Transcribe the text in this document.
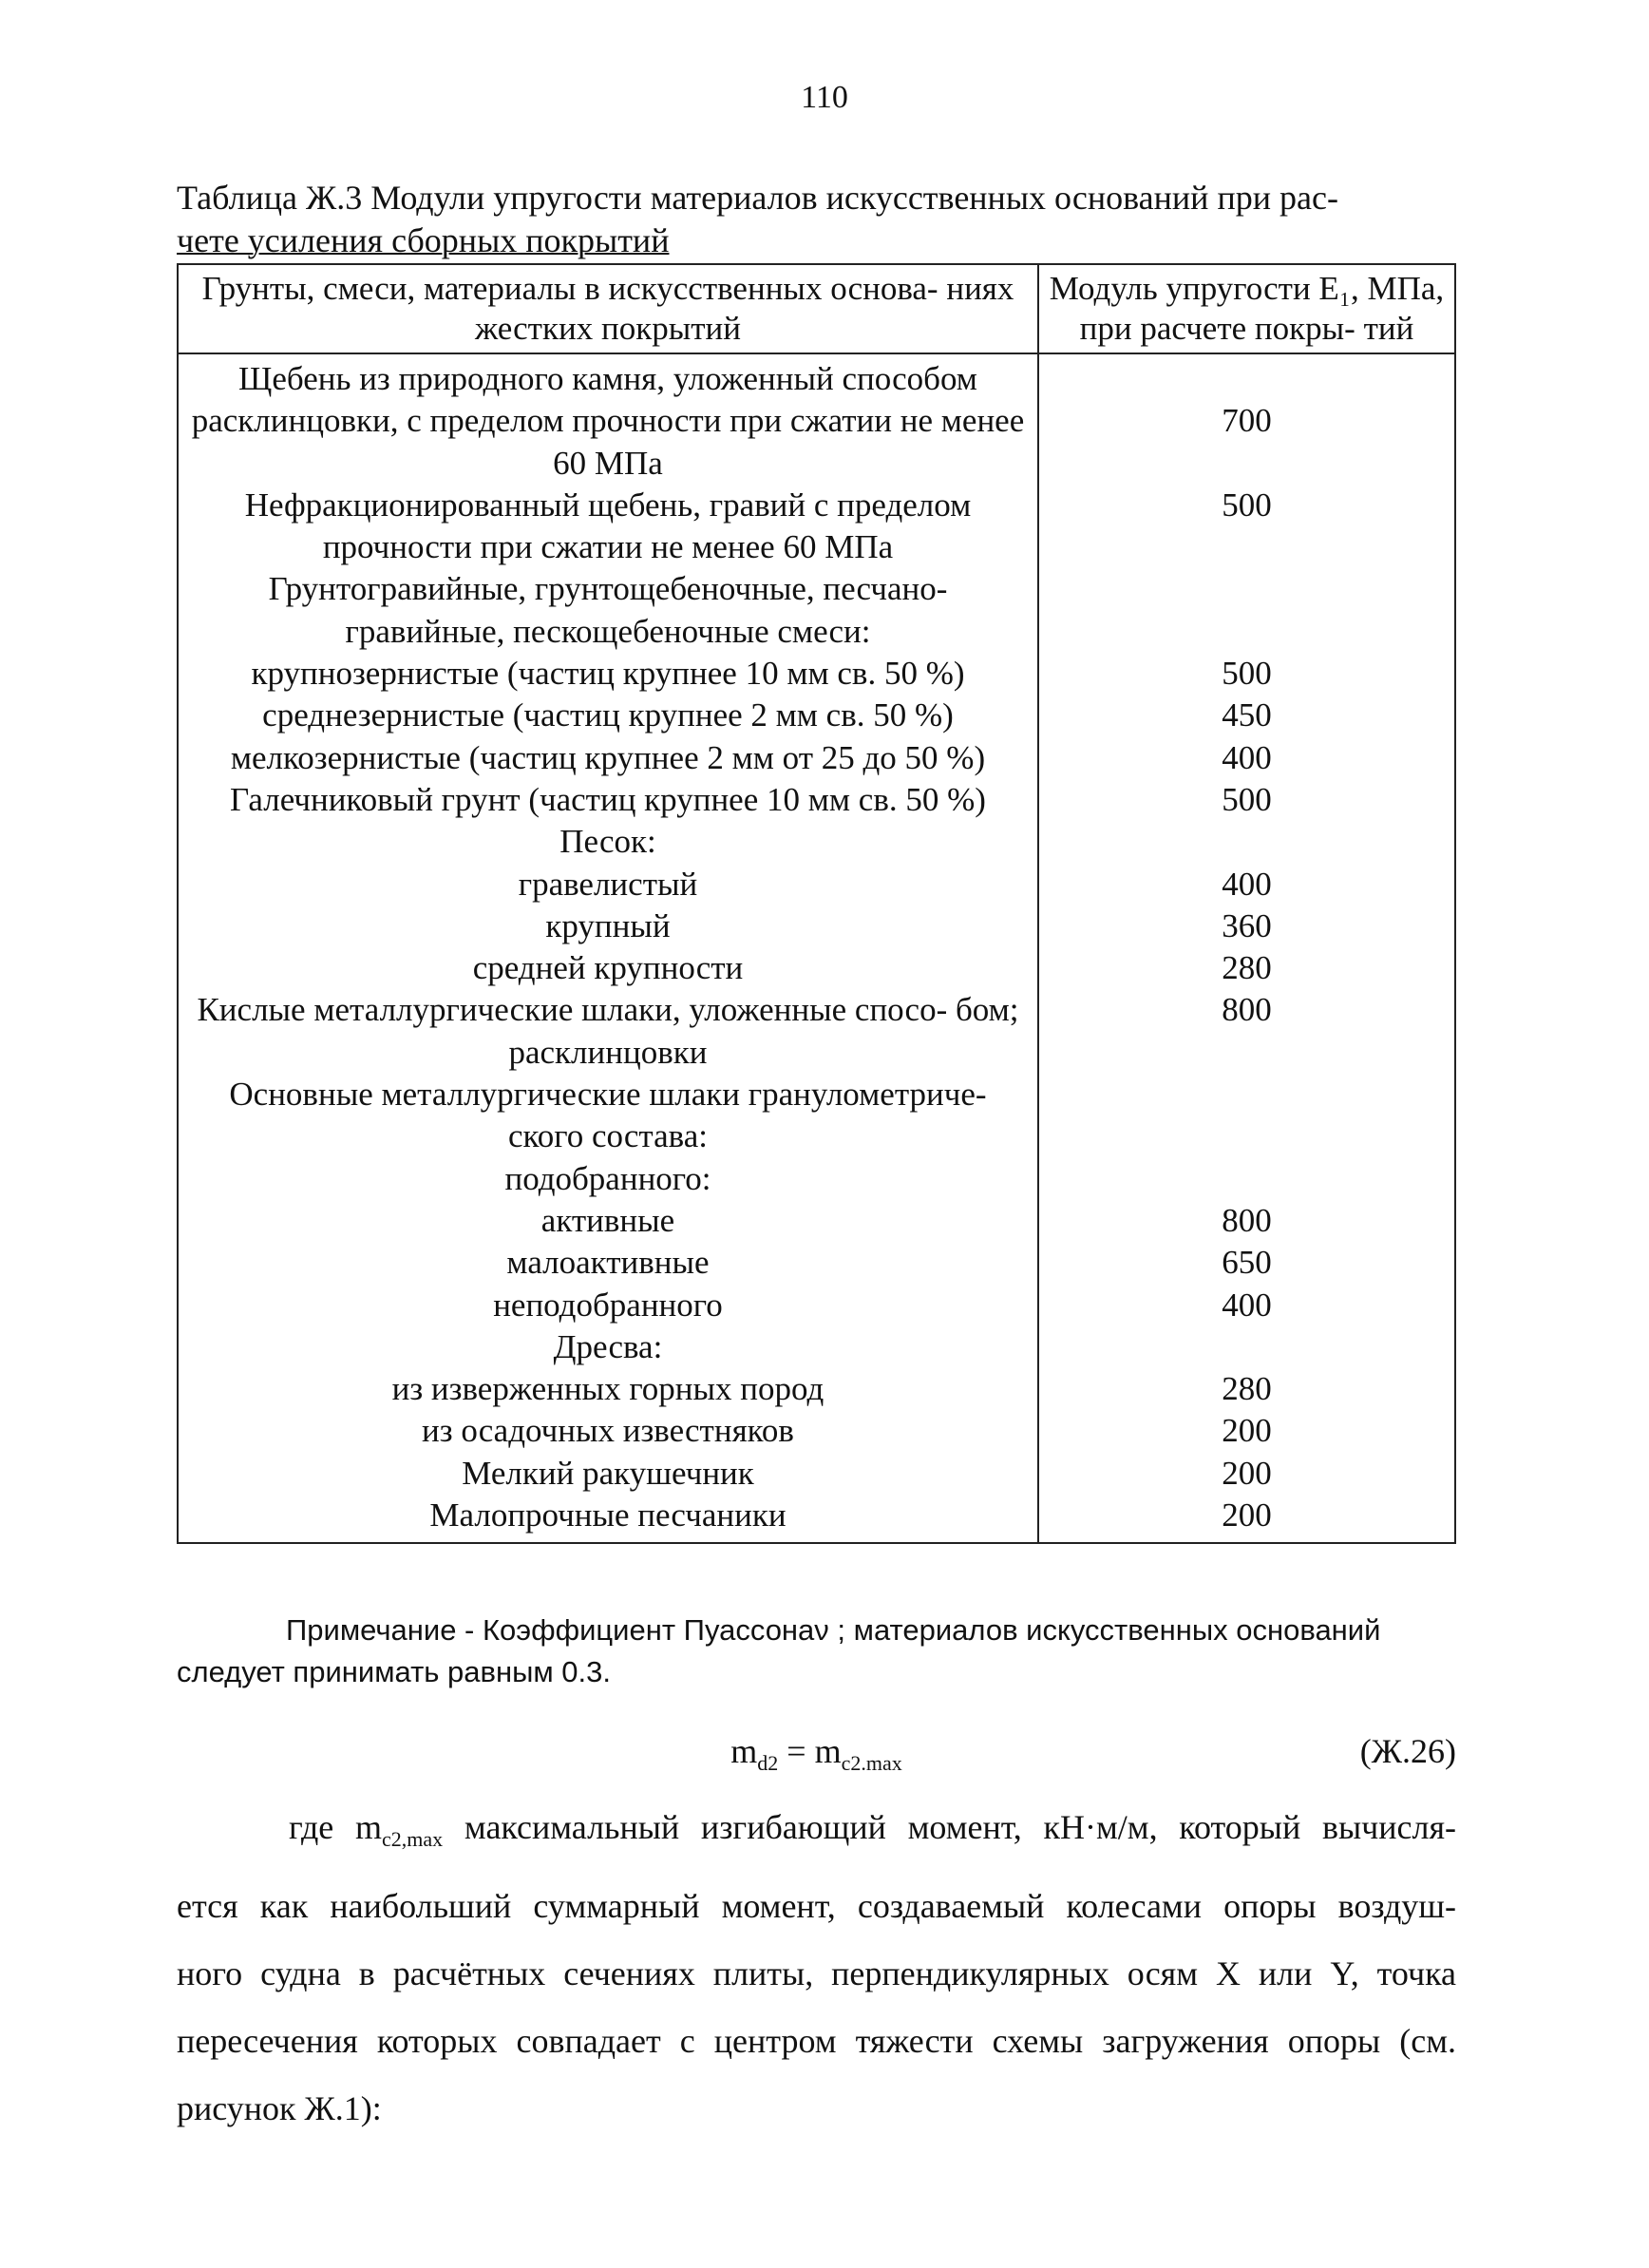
110
Таблица Ж.3 Модули упругости материалов искусственных оснований при рас-
чете усиления сборных покрытий
Грунты, смеси, материалы в искусственных основа- ниях жестких покрытий	Модуль упругости E₁, МПа, при расчете покры- тий
Щебень из природного камня, уложенный способом расклинцовки, с пределом прочности при сжатии не менее 60 МПа	700
Нефракционированный щебень, гравий с пределом прочности при сжатии не менее 60 МПа	500
Грунтогравийные, грунтощебеночные, песчано- гравийные, пескощебеночные смеси:	
крупнозернистые (частиц крупнее 10 мм св. 50 %)	500
среднезернистые (частиц крупнее 2 мм св. 50 %)	450
мелкозернистые (частиц крупнее 2 мм от 25 до 50 %)	400
Галечниковый грунт (частиц крупнее 10 мм св. 50 %)	500
Песок:	
гравелистый	400
крупный	360
средней крупности	280
Кислые металлургические шлаки, уложенные спосо- бом; расклинцовки	800
Основные металлургические шлаки гранулометриче- ского состава:	
подобранного:	
активные	800
малоактивные	650
неподобранного	400
Дресва:	
из изверженных горных пород	280
из осадочных известняков	200
Мелкий ракушечник	200
Малопрочные песчаники	200
Примечание - Коэффициент Пуассонаν ; материалов искусственных оснований
следует принимать равным 0.3.
$m_{d2} = m_{c2.max}$	(Ж.26)
где $m_{c2,max}$ максимальный изгибающий момент, кН·м/м, который вычисля-
ется как наибольший суммарный момент, создаваемый колесами опоры воздуш-
ного судна в расчётных сечениях плиты, перпендикулярных осям X или Y, точка
пересечения которых совпадает с центром тяжести схемы загружения опоры (см.
рисунок Ж.1):
